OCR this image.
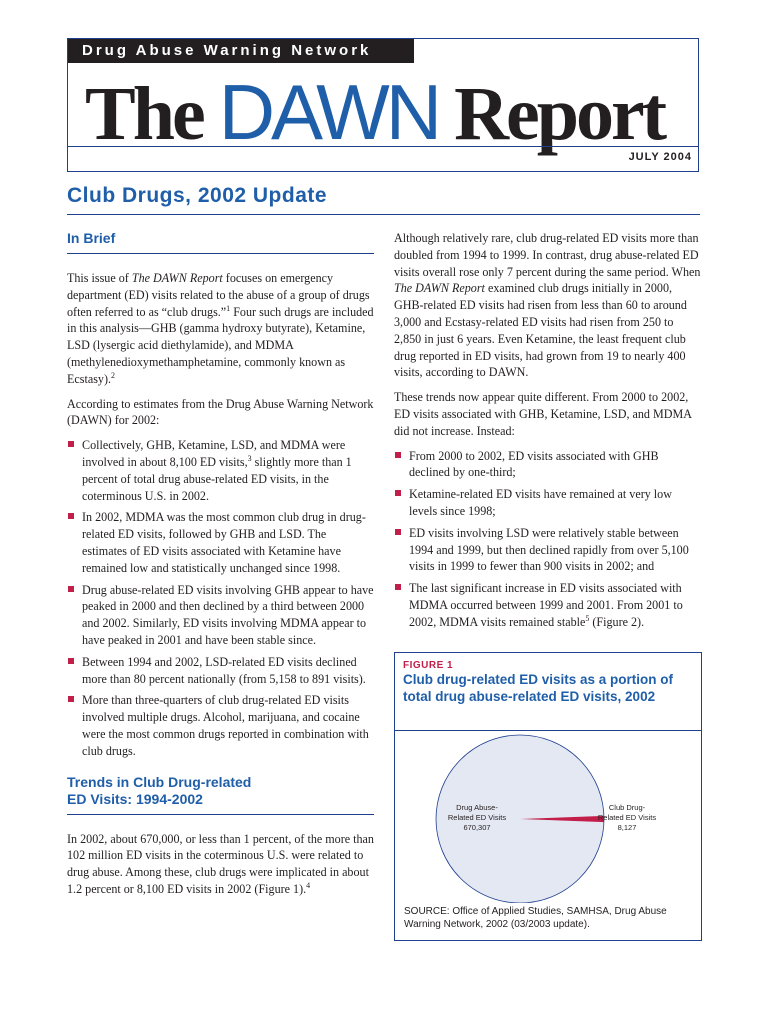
Drug Abuse Warning Network
The DAWN Report
JULY 2004
Club Drugs, 2002 Update
In Brief

This issue of The DAWN Report focuses on emergency department (ED) visits related to the abuse of a group of drugs often referred to as “club drugs.”$^1$ Four such drugs are included in this analysis—GHB (gamma hydroxy butyrate), Ketamine, LSD (lysergic acid diethylamide), and MDMA (methylenedioxymethamphetamine, commonly known as Ecstasy).$^2$

According to estimates from the Drug Abuse Warning Network (DAWN) for 2002:

Collectively, GHB, Ketamine, LSD, and MDMA were involved in about 8,100 ED visits,$^3$ slightly more than 1 percent of total drug abuse-related ED visits, in the coterminous U.S. in 2002.
In 2002, MDMA was the most common club drug in drug-related ED visits, followed by GHB and LSD. The estimates of ED visits associated with Ketamine have remained low and statistically unchanged since 1998.
Drug abuse-related ED visits involving GHB appear to have peaked in 2000 and then declined by a third between 2000 and 2002. Similarly, ED visits involving MDMA appear to have peaked in 2001 and have been stable since.
Between 1994 and 2002, LSD-related ED visits declined more than 80 percent nationally (from 5,158 to 891 visits).
More than three-quarters of club drug-related ED visits involved multiple drugs. Alcohol, marijuana, and cocaine were the most common drugs reported in combination with club drugs.
Trends in Club Drug-related
ED Visits: 1994-2002

In 2002, about 670,000, or less than 1 percent, of the more than 102 million ED visits in the coterminous U.S. were related to drug abuse. Among these, club drugs were implicated in about 1.2 percent or 8,100 ED visits in 2002 (Figure 1).$^4$

Although relatively rare, club drug-related ED visits more than doubled from 1994 to 1999. In contrast, drug abuse-related ED visits overall rose only 7 percent during the same period. When The DAWN Report examined club drugs initially in 2000, GHB-related ED visits had risen from less than 60 to around 3,000 and Ecstasy-related ED visits had risen from 250 to 2,850 in just 6 years. Even Ketamine, the least frequent club drug reported in ED visits, had grown from 19 to nearly 400 visits, according to DAWN.

These trends now appear quite different. From 2000 to 2002, ED visits associated with GHB, Ketamine, LSD, and MDMA did not increase. Instead:

From 2000 to 2002, ED visits associated with GHB declined by one-third;
Ketamine-related ED visits have remained at very low levels since 1998;
ED visits involving LSD were relatively stable between 1994 and 1999, but then declined rapidly from over 5,100 visits in 1999 to fewer than 900 visits in 2002; and
The last significant increase in ED visits associated with MDMA occurred between 1999 and 2001. From 2001 to 2002, MDMA visits remained stable$^5$ (Figure 2).
FIGURE 1
Club drug-related ED visits as a portion of total drug abuse-related ED visits, 2002
Drug Abuse-
Related ED Visits
670,307
Club Drug-
Related ED Visits
8,127

SOURCE: Office of Applied Studies, SAMHSA, Drug Abuse Warning Network, 2002 (03/2003 update).
